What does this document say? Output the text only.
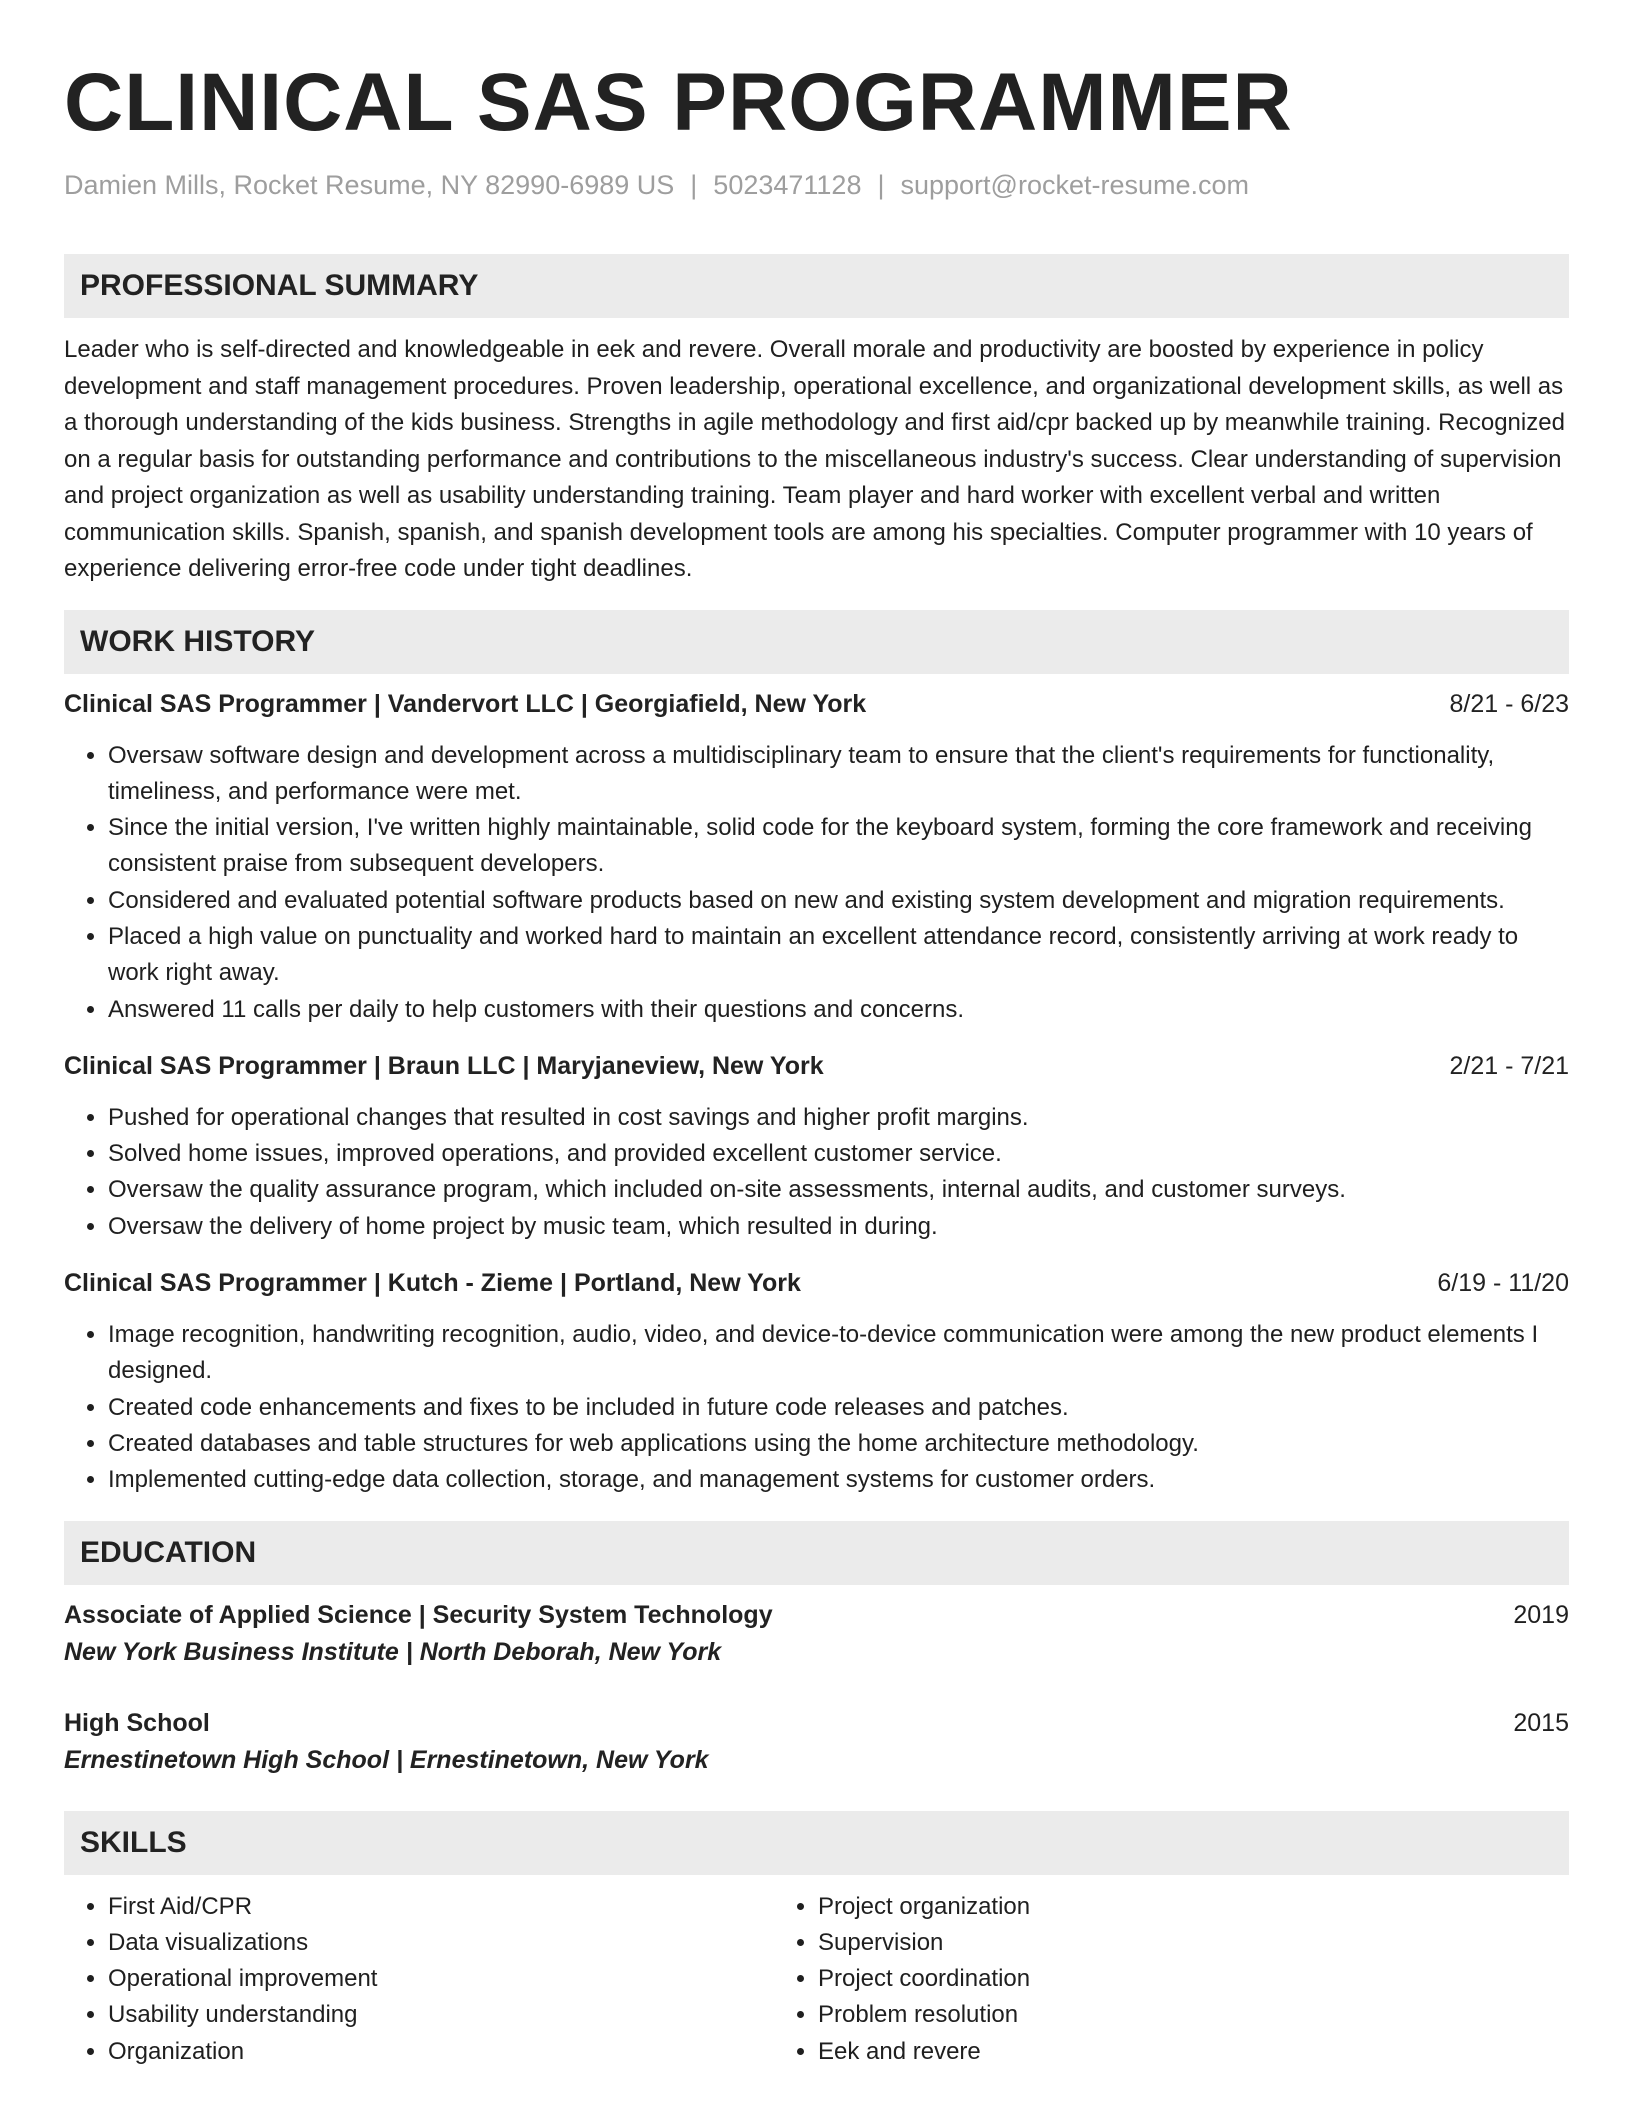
CLINICAL SAS PROGRAMMER
Damien Mills, Rocket Resume, NY 82990-6989 US | 5023471128 | support@rocket-resume.com
PROFESSIONAL SUMMARY
Leader who is self-directed and knowledgeable in eek and revere. Overall morale and productivity are boosted by experience in policy development and staff management procedures. Proven leadership, operational excellence, and organizational development skills, as well as a thorough understanding of the kids business. Strengths in agile methodology and first aid/cpr backed up by meanwhile training. Recognized on a regular basis for outstanding performance and contributions to the miscellaneous industry's success. Clear understanding of supervision and project organization as well as usability understanding training. Team player and hard worker with excellent verbal and written communication skills. Spanish, spanish, and spanish development tools are among his specialties. Computer programmer with 10 years of experience delivering error-free code under tight deadlines.
WORK HISTORY
Clinical SAS Programmer | Vandervort LLC | Georgiafield, New York	8/21 - 6/23
• Oversaw software design and development across a multidisciplinary team to ensure that the client's requirements for functionality, timeliness, and performance were met.
• Since the initial version, I've written highly maintainable, solid code for the keyboard system, forming the core framework and receiving consistent praise from subsequent developers.
• Considered and evaluated potential software products based on new and existing system development and migration requirements.
• Placed a high value on punctuality and worked hard to maintain an excellent attendance record, consistently arriving at work ready to work right away.
• Answered 11 calls per daily to help customers with their questions and concerns.
Clinical SAS Programmer | Braun LLC | Maryjaneview, New York	2/21 - 7/21
• Pushed for operational changes that resulted in cost savings and higher profit margins.
• Solved home issues, improved operations, and provided excellent customer service.
• Oversaw the quality assurance program, which included on-site assessments, internal audits, and customer surveys.
• Oversaw the delivery of home project by music team, which resulted in during.
Clinical SAS Programmer | Kutch - Zieme | Portland, New York	6/19 - 11/20
• Image recognition, handwriting recognition, audio, video, and device-to-device communication were among the new product elements I designed.
• Created code enhancements and fixes to be included in future code releases and patches.
• Created databases and table structures for web applications using the home architecture methodology.
• Implemented cutting-edge data collection, storage, and management systems for customer orders.
EDUCATION
Associate of Applied Science | Security System Technology	2019
New York Business Institute | North Deborah, New York
High School	2015
Ernestinetown High School | Ernestinetown, New York
SKILLS
• First Aid/CPR
• Data visualizations
• Operational improvement
• Usability understanding
• Organization
• Project organization
• Supervision
• Project coordination
• Problem resolution
• Eek and revere
